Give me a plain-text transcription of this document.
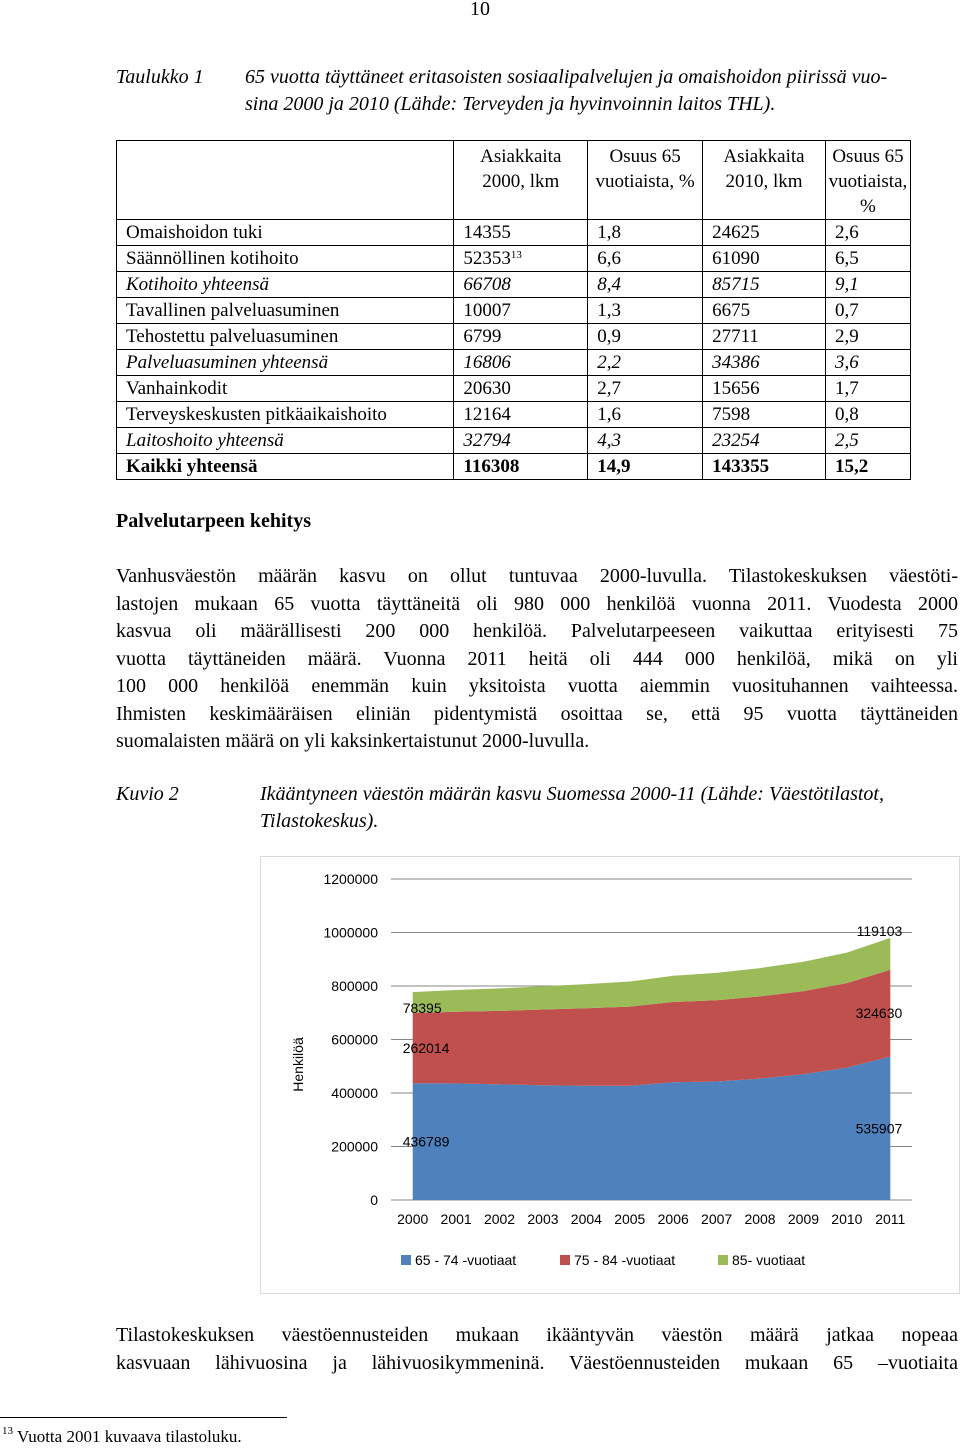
10
Taulukko 1 65 vuotta täyttäneet eritasoisten sosiaalipalvelujen ja omaishoidon piirissä vuo-
sina 2000 ja 2010 (Lähde: Terveyden ja hyvinvoinnin laitos THL).
	Asiakkaita 2000, lkm	Osuus 65 vuotiaista, %	Asiakkaita 2010, lkm	Osuus 65 vuotiaista, %
Omaishoidon tuki	14355	1,8	24625	2,6
Säännöllinen kotihoito	52353$^{13}$	6,6	61090	6,5
Kotihoito yhteensä	66708	8,4	85715	9,1
Tavallinen palveluasuminen	10007	1,3	6675	0,7
Tehostettu palveluasuminen	6799	0,9	27711	2,9
Palveluasuminen yhteensä	16806	2,2	34386	3,6
Vanhainkodit	20630	2,7	15656	1,7
Terveyskeskusten pitkäaikaishoito	12164	1,6	7598	0,8
Laitoshoito yhteensä	32794	4,3	23254	2,5
Kaikki yhteensä	116308	14,9	143355	15,2
Palvelutarpeen kehitys
Vanhusväestön määrän kasvu on ollut tuntuvaa 2000-luvulla. Tilastokeskuksen väestöti-
lastojen mukaan 65 vuotta täyttäneitä oli 980 000 henkilöä vuonna 2011. Vuodesta 2000
kasvua oli määrällisesti 200 000 henkilöä. Palvelutarpeeseen vaikuttaa erityisesti 75
vuotta täyttäneiden määrä. Vuonna 2011 heitä oli 444 000 henkilöä, mikä on yli
100 000 henkilöä enemmän kuin yksitoista vuotta aiemmin vuosituhannen vaihteessa.
Ihmisten keskimääräisen eliniän pidentymistä osoittaa se, että 95 vuotta täyttäneiden
suomalaisten määrä on yli kaksinkertaistunut 2000-luvulla.
Kuvio 2	Ikääntyneen väestön määrän kasvu Suomessa 2000-11 (Lähde: Väestötilastot,
Tilastokeskus).
0
200000
400000
600000
800000
1000000
1200000
436789
535907
262014
324630
78395
119103
2000 2001 2002 2003 2004 2005 2006 2007 2008 2009 2010 2011
Henkilöä
65 - 74 -vuotiaat	75 - 84 -vuotiaat	85- vuotiaat
Tilastokeskuksen väestöennusteiden mukaan ikääntyvän väestön määrä jatkaa nopeaa
kasvuaan lähivuosina ja lähivuosikymmeninä. Väestöennusteiden mukaan 65 –vuotiaita
$^{13}$ Vuotta 2001 kuvaava tilastoluku.
